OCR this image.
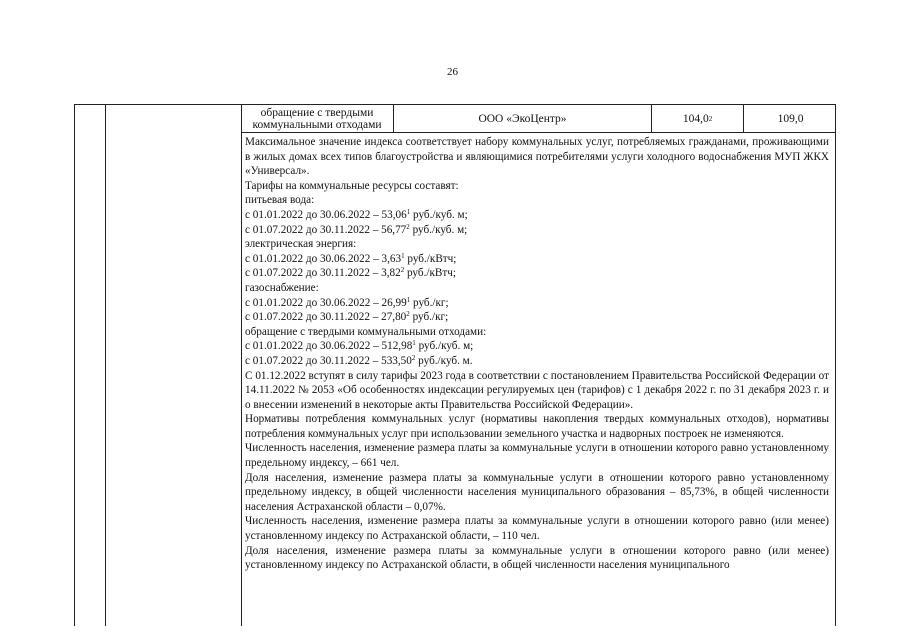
26
обращение с твердыми коммунальными отходами	ООО «ЭкоЦентр»	104,0 2	109,0

Максимальное значение индекса соответствует набору коммунальных услуг, потребляемых гражданами, проживающими в жилых домах всех типов благоустройства и являющимися потребителями услуги холодного водоснабжения МУП ЖКХ «Универсал».

Тарифы на коммунальные ресурсы составят:

питьевая вода:

с 01.01.2022 до 30.06.2022 – 53,06$^1$ руб./куб. м;

с 01.07.2022 до 30.11.2022 – 56,77$^2$ руб./куб. м;

электрическая энергия:

с 01.01.2022 до 30.06.2022 – 3,63$^1$ руб./кВтч;

с 01.07.2022 до 30.11.2022 – 3,82$^2$ руб./кВтч;

газоснабжение:

с 01.01.2022 до 30.06.2022 – 26,99$^1$ руб./кг;

с 01.07.2022 до 30.11.2022 – 27,80$^2$ руб./кг;

обращение с твердыми коммунальными отходами:

с 01.01.2022 до 30.06.2022 – 512,98$^1$ руб./куб. м;

с 01.07.2022 до 30.11.2022 – 533,50$^2$ руб./куб. м.

С 01.12.2022 вступят в силу тарифы 2023 года в соответствии с постановлением Правительства Российской Федерации от 14.11.2022 № 2053 «Об особенностях индексации регулируемых цен (тарифов) с 1 декабря 2022 г. по 31 декабря 2023 г. и о внесении изменений в некоторые акты Правительства Российской Федерации».

Нормативы потребления коммунальных услуг (нормативы накопления твердых коммунальных отходов), нормативы потребления коммунальных услуг при использовании земельного участка и надворных построек не изменяются.

Численность населения, изменение размера платы за коммунальные услуги в отношении которого равно установленному предельному индексу, – 661 чел.

Доля населения, изменение размера платы за коммунальные услуги в отношении которого равно установленному предельному индексу, в общей численности населения муниципального образования – 85,73%, в общей численности населения Астраханской области – 0,07%.

Численность населения, изменение размера платы за коммунальные услуги в отношении которого равно (или менее) установленному индексу по Астраханской области, – 110 чел.

Доля населения, изменение размера платы за коммунальные услуги в отношении которого равно (или менее) установленному индексу по Астраханской области, в общей численности населения муниципального
